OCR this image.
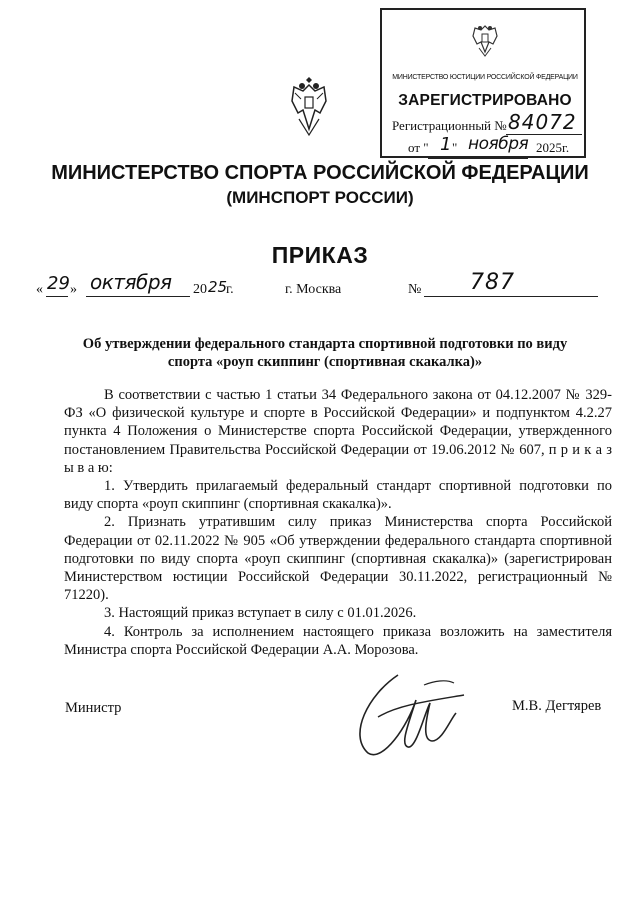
МИНИСТЕРСТВО ЮСТИЦИИ РОССИЙСКОЙ ФЕДЕРАЦИИ
ЗАРЕГИСТРИРОВАНО
Регистрационный № 84072
от " 1 " ноября 2025г.
МИНИСТЕРСТВО СПОРТА РОССИЙСКОЙ ФЕДЕРАЦИИ
(МИНСПОРТ РОССИИ)
ПРИКАЗ
« 29 » октября 20 25
г.	г. Москва	№ 787
Об утверждении федерального стандарта спортивной подготовки по виду спорта «роуп скиппинг (спортивная скакалка)»

В соответствии с частью 1 статьи 34 Федерального закона от 04.12.2007 № 329-ФЗ «О физической культуре и спорте в Российской Федерации» и подпунктом 4.2.27 пункта 4 Положения о Министерстве спорта Российской Федерации, утвержденного постановлением Правительства Российской Федерации от 19.06.2012 № 607, п р и к а з ы в а ю:

1. Утвердить прилагаемый федеральный стандарт спортивной подготовки по виду спорта «роуп скиппинг (спортивная скакалка)».

2. Признать утратившим силу приказ Министерства спорта Российской Федерации от 02.11.2022 № 905 «Об утверждении федерального стандарта спортивной подготовки по виду спорта «роуп скиппинг (спортивная скакалка)» (зарегистрирован Министерством юстиции Российской Федерации 30.11.2022, регистрационный № 71220).

3. Настоящий приказ вступает в силу с 01.01.2026.

4. Контроль за исполнением настоящего приказа возложить на заместителя Министра спорта Российской Федерации А.А. Морозова.

Министр	М.В. Дегтярев
